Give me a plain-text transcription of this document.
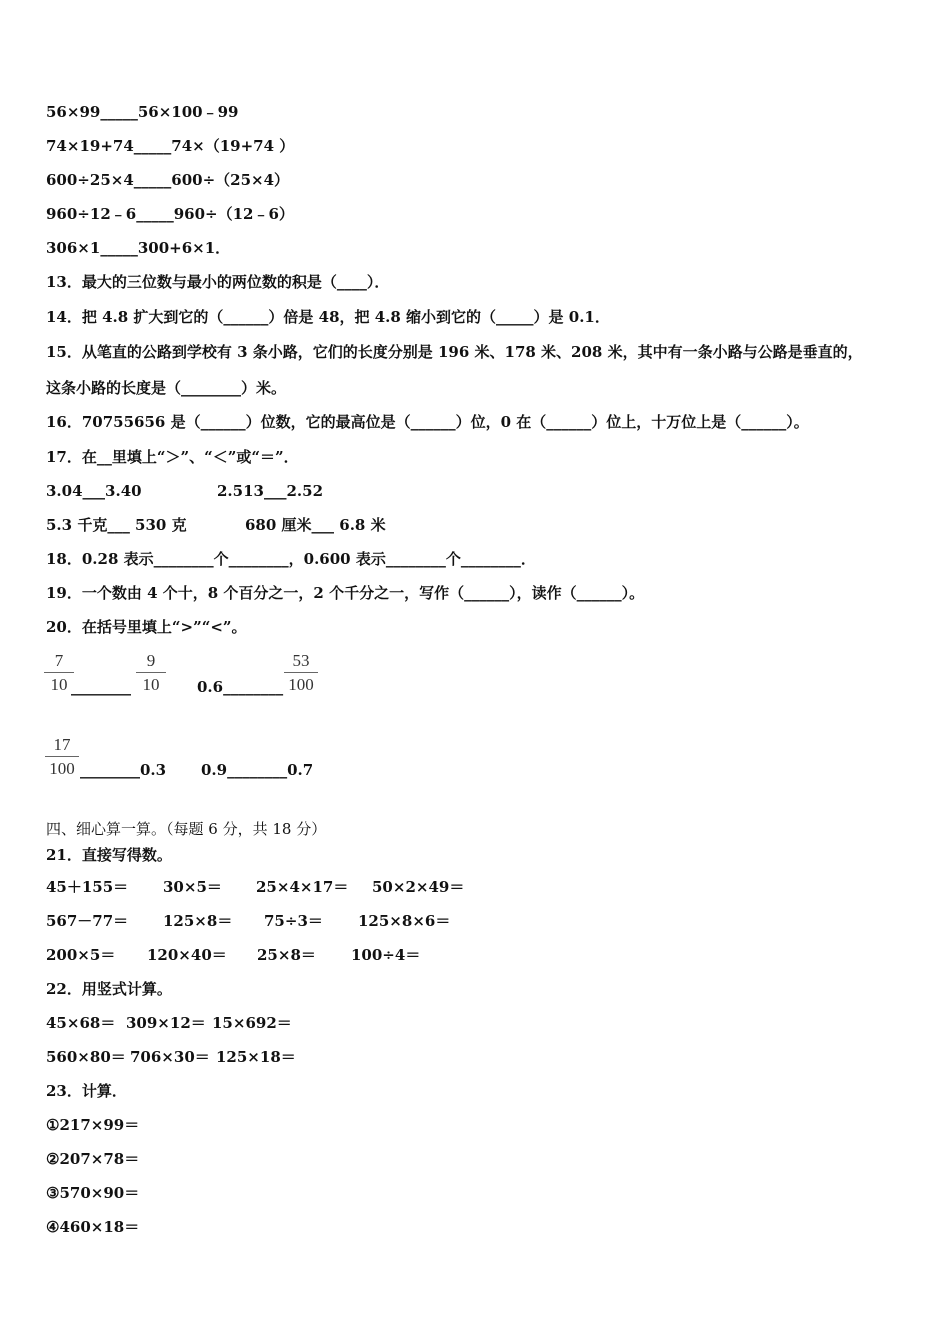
56×99_____56×100﹣99
74×19+74_____74×（19+74 ）
600÷25×4_____600÷（25×4）
960÷12﹣6_____960÷（12﹣6）
306×1_____300+6×1．
13．最大的三位数与最小的两位数的积是（____）．
14．把 4.8 扩大到它的（______）倍是 48，把 4.8 缩小到它的（_____）是 0.1．
15．从笔直的公路到学校有 3 条小路，它们的长度分别是 196 米、178 米、208 米，其中有一条小路与公路是垂直的，
这条小路的长度是（________）米。
16．70755656 是（______）位数，它的最高位是（______）位，0 在（______）位上，十万位上是（______）。
17．在__里填上“＞”、“＜”或“＝”．
3.04___3.40	2.513___2.52
5.3 千克___ 530 克	680 厘米___ 6.8 米
18．0.28 表示________个________，0.600 表示________个________．
19．一个数由 4 个十，8 个百分之一，2 个千分之一，写作（______），读作（______）。
20．在括号里填上“>”“<”。
7
10 ________
9
10	0.6________
53
100
17
100 ________0.3 0.9________0.7
四、细心算一算。（每题 6 分，共 18 分）
21．直接写得数。
45＋155＝ 30×5＝ 25×4×17＝ 50×2×49＝
567－77＝ 125×8＝ 75÷3＝ 125×8×6＝
200×5＝ 120×40＝ 25×8＝ 100÷4＝
22．用竖式计算。
45×68＝ 309×12＝ 15×692＝
560×80＝ 706×30＝ 125×18＝
23．计算．
①217×99＝
②207×78＝
③570×90＝
④460×18＝
